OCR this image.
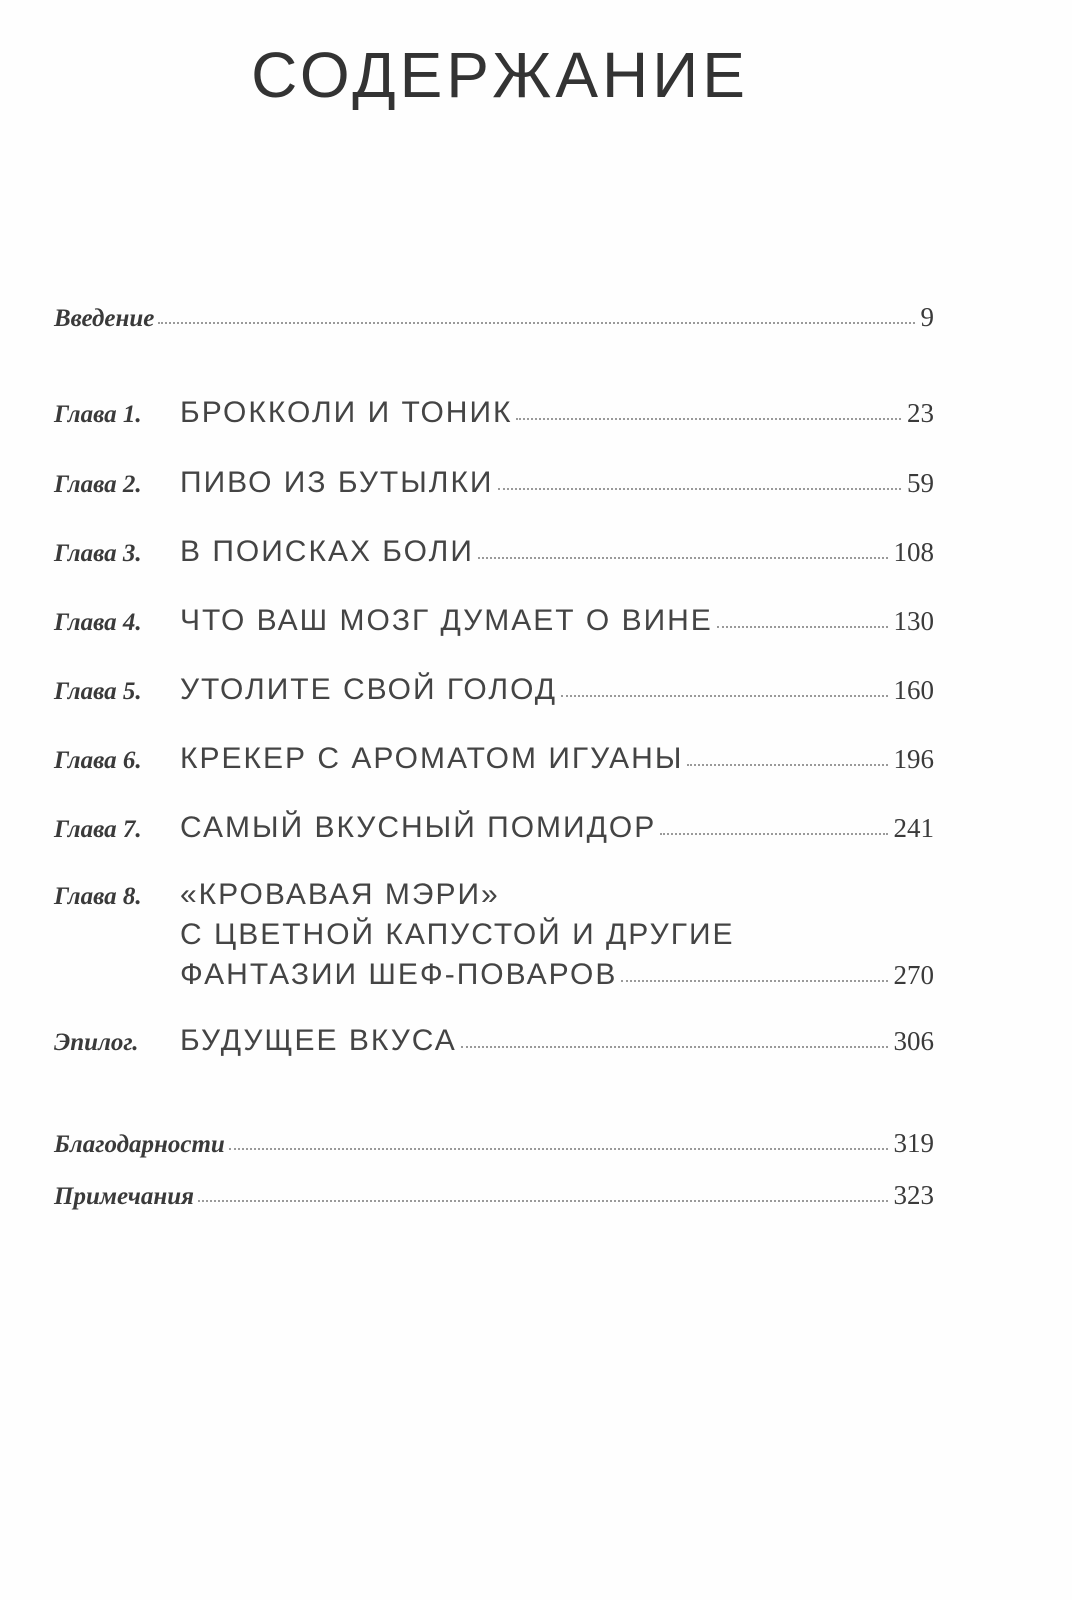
СОДЕРЖАНИЕ
Введение	9
Глава 1.	БРОККОЛИ И ТОНИК	23
Глава 2.	ПИВО ИЗ БУТЫЛКИ	59
Глава 3.	В ПОИСКАХ БОЛИ	108
Глава 4.	ЧТО ВАШ МОЗГ ДУМАЕТ О ВИНЕ	130
Глава 5.	УТОЛИТЕ СВОЙ ГОЛОД	160
Глава 6.	КРЕКЕР С АРОМАТОМ ИГУАНЫ	196
Глава 7.	САМЫЙ ВКУСНЫЙ ПОМИДОР	241
Глава 8.	«КРОВАВАЯ МЭРИ»
С ЦВЕТНОЙ КАПУСТОЙ И ДРУГИЕ
ФАНТАЗИИ ШЕФ-ПОВАРОВ	270
Эпилог.	БУДУЩЕЕ ВКУСА	306
Благодарности	319
Примечания	323
